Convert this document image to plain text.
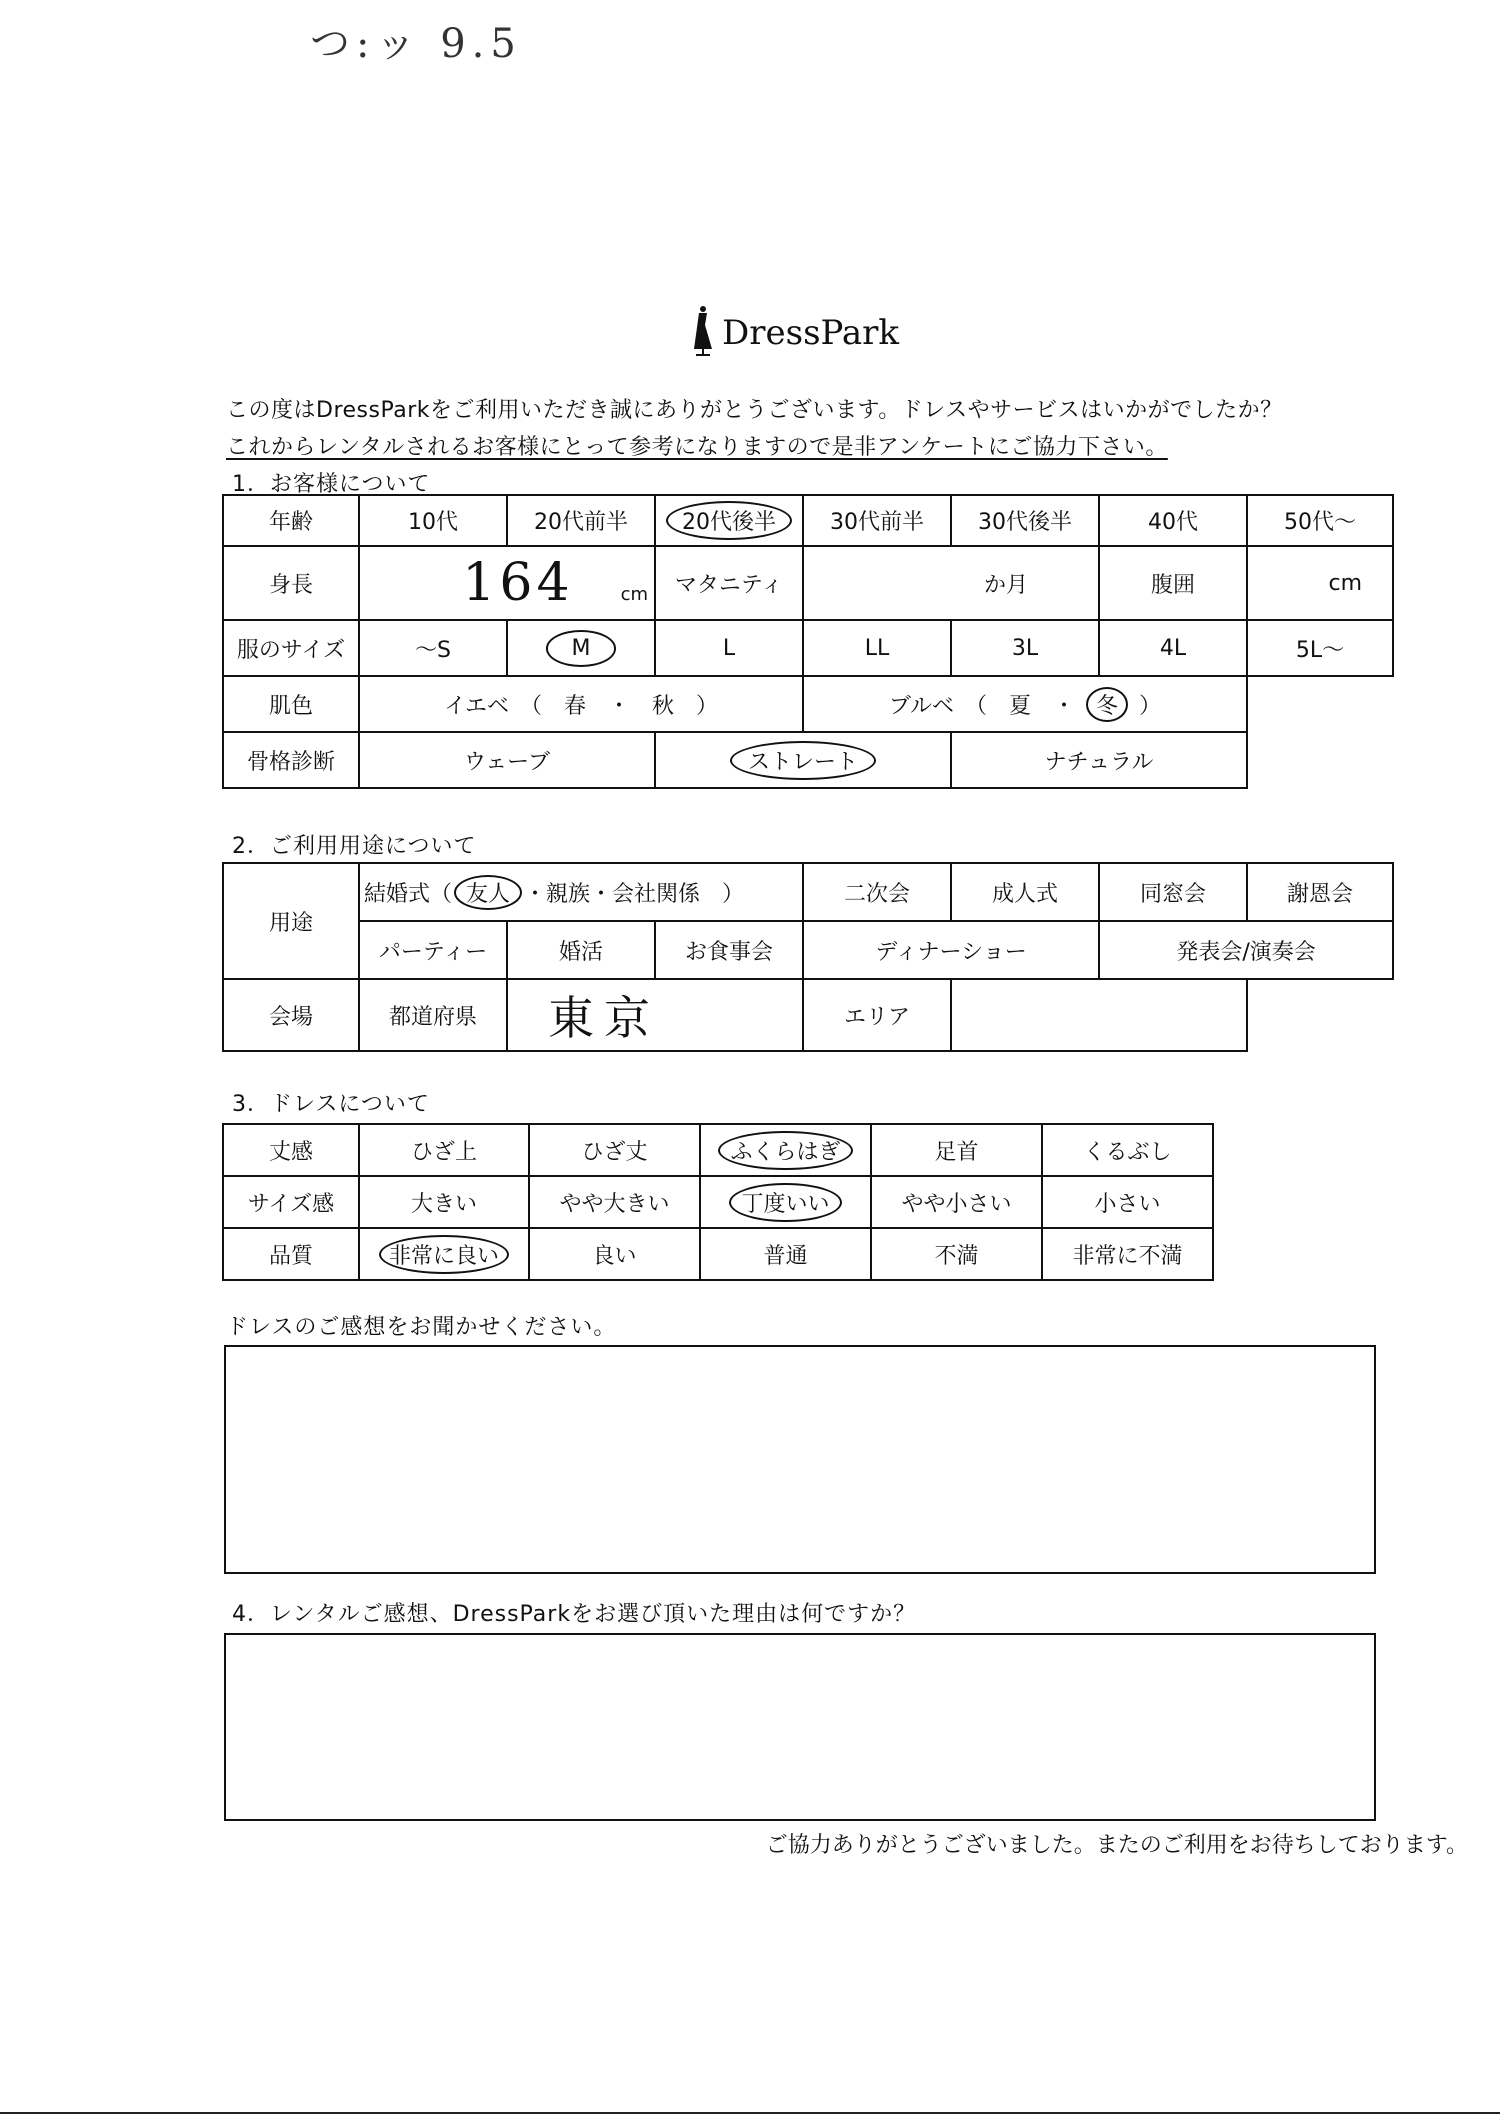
つ:ッ 9.5
DressPark
この度はDressParkをご利用いただき誠にありがとうございます。ドレスやサービスはいかがでしたか？
これからレンタルされるお客様にとって参考になりますので是非アンケートにご協力下さい。
1．お客様について
年齢	10代	20代前半	20代後半	30代前半	30代後半	40代	50代～
身長	164 cm		マタニティ	か月		腹囲	cm
服のサイズ	～S	M	L	LL	3L	4L	5L～
肌色	イエベ　（　春　・　秋　）			ブルベ　（　夏　・ 冬 ）			
骨格診断	ウェーブ		ストレート		ナチュラル		
2．ご利用用途について
用途	結婚式（ 友人 ・親族・会社関係　）			二次会	成人式	同窓会	謝恩会
	パーティー	婚活	お食事会	ディナーショー		発表会/演奏会	
会場	都道府県	東京		エリア			
3．ドレスについて
丈感	ひざ上	ひざ丈	ふくらはぎ	足首	くるぶし
サイズ感	大きい	やや大きい	丁度いい	やや小さい	小さい
品質	非常に良い	良い	普通	不満	非常に不満
ドレスのご感想をお聞かせください。
4．レンタルご感想、DressParkをお選び頂いた理由は何ですか？
ご協力ありがとうございました。またのご利用をお待ちしております。
